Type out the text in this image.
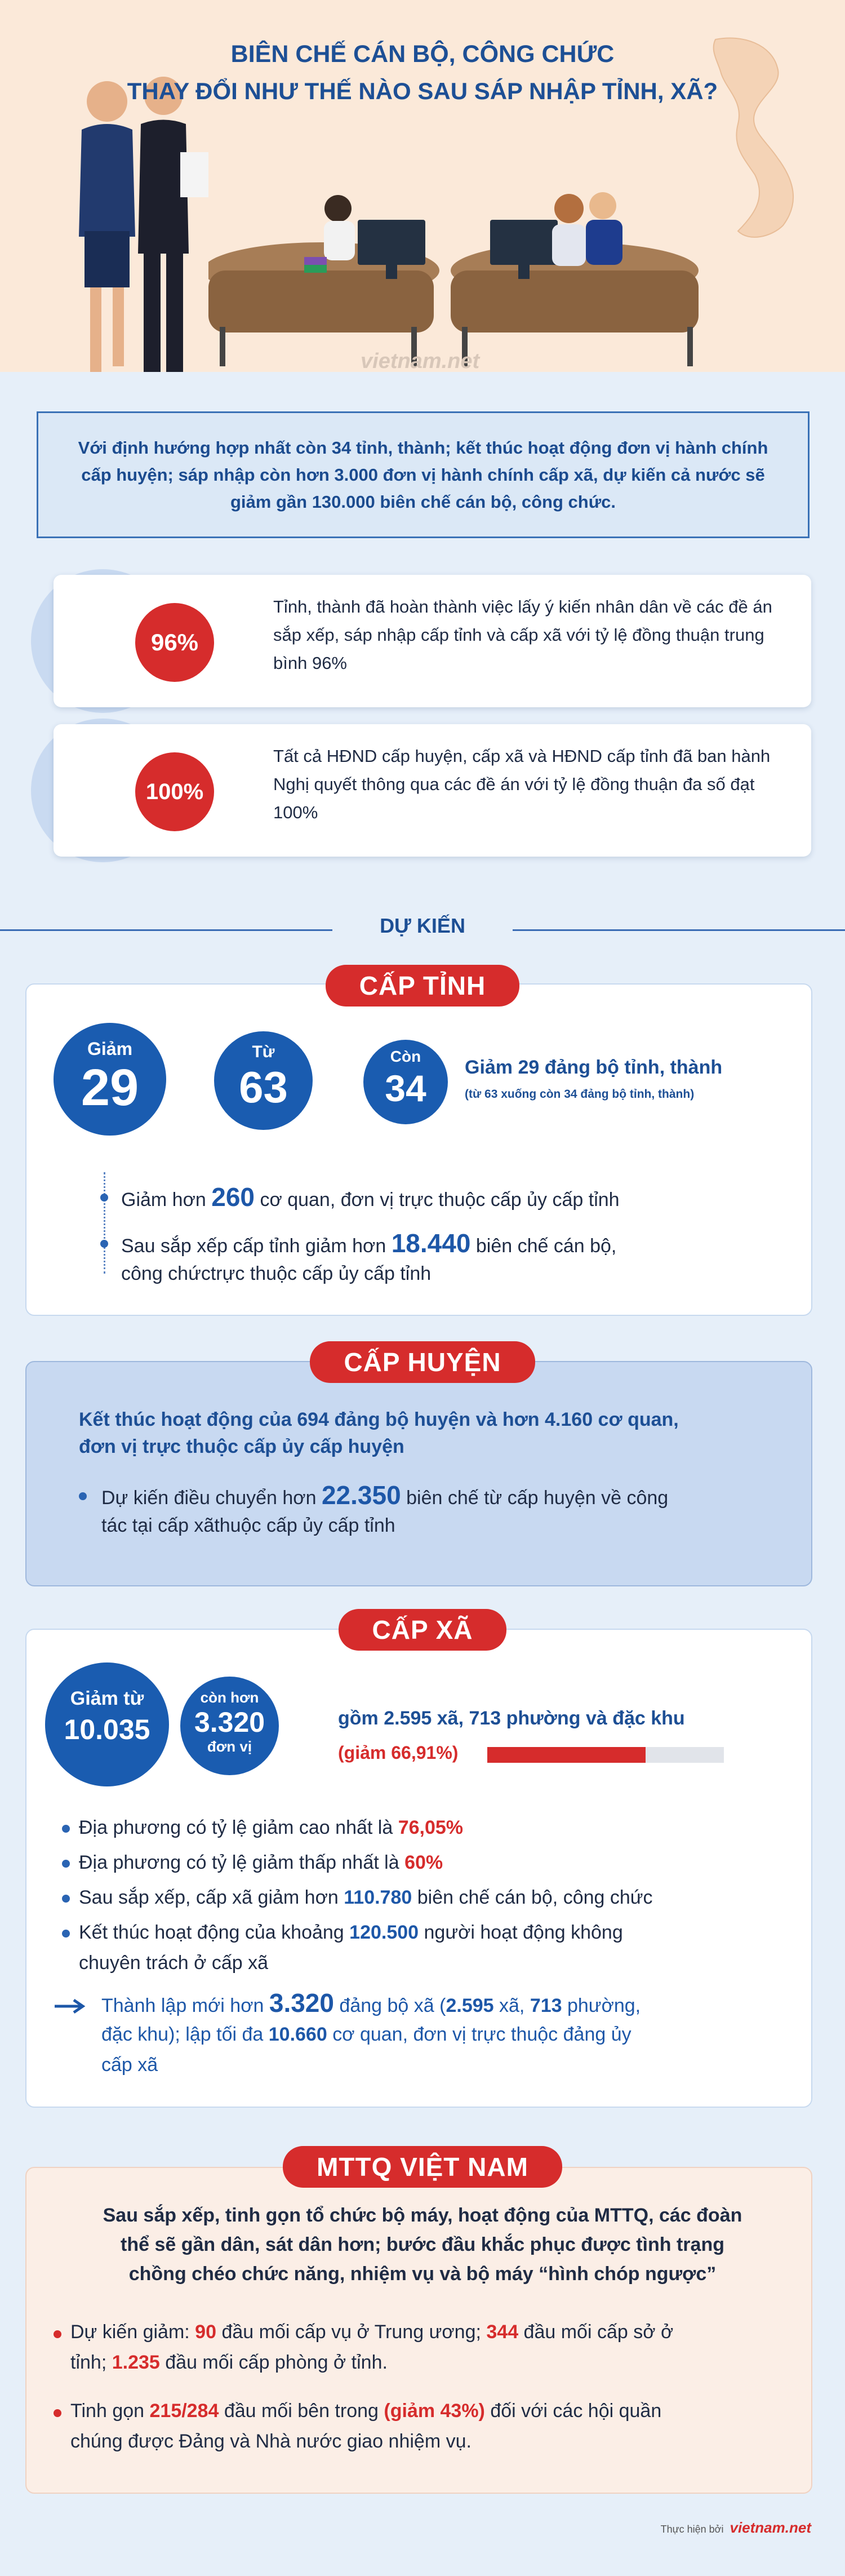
BIÊN CHẾ CÁN BỘ, CÔNG CHỨC
THAY ĐỔI NHƯ THẾ NÀO SAU SÁP NHẬP TỈNH, XÃ?
vietnam.net

Với định hướng hợp nhất còn 34 tỉnh, thành; kết thúc hoạt động đơn vị hành chính cấp huyện; sáp nhập còn hơn 3.000 đơn vị hành chính cấp xã, dự kiến cả nước sẽ giảm gần 130.000 biên chế cán bộ, công chức.

Tỉnh, thành đã hoàn thành việc lấy ý kiến nhân dân về các đề án sắp xếp, sáp nhập cấp tỉnh và cấp xã với tỷ lệ đồng thuận trung bình 96%
96%
Tất cả HĐND cấp huyện, cấp xã và HĐND cấp tỉnh đã ban hành Nghị quyết thông qua các đề án với tỷ lệ đồng thuận đa số đạt 100%
100%
DỰ KIẾN
CẤP TỈNH
Giảm
29
Từ
63
Còn
34	Giảm 29 đảng bộ tỉnh, thành
(từ 63 xuống còn 34 đảng bộ tỉnh, thành)
Giảm hơn 260 cơ quan, đơn vị trực thuộc cấp ủy cấp tỉnh
Sau sắp xếp cấp tỉnh giảm hơn 18.440 biên chế cán bộ,
công chứctrực thuộc cấp ủy cấp tỉnh
CẤP HUYỆN
Kết thúc hoạt động của 694 đảng bộ huyện và hơn 4.160 cơ quan,
đơn vị trực thuộc cấp ủy cấp huyện
Dự kiến điều chuyển hơn 22.350 biên chế từ cấp huyện về công
tác tại cấp xãthuộc cấp ủy cấp tỉnh
CẤP XÃ
Giảm từ
10.035
còn hơn
3.320
đơn vị
gồm 2.595 xã, 713 phường và đặc khu
(giảm 66,91%)
Địa phương có tỷ lệ giảm cao nhất là 76,05%
Địa phương có tỷ lệ giảm thấp nhất là 60%
Sau sắp xếp, cấp xã giảm hơn 110.780 biên chế cán bộ, công chức
Kết thúc hoạt động của khoảng 120.500 người hoạt động không
chuyên trách ở cấp xã
Thành lập mới hơn 3.320 đảng bộ xã (2.595 xã, 713 phường,
đặc khu); lập tối đa 10.660 cơ quan, đơn vị trực thuộc đảng ủy
cấp xã
MTTQ VIỆT NAM
Sau sắp xếp, tinh gọn tổ chức bộ máy, hoạt động của MTTQ, các đoàn
thể sẽ gần dân, sát dân hơn; bước đầu khắc phục được tình trạng
chồng chéo chức năng, nhiệm vụ và bộ máy “hình chóp ngược”
Dự kiến giảm: 90 đầu mối cấp vụ ở Trung ương; 344 đầu mối cấp sở ở
tỉnh; 1.235 đầu mối cấp phòng ở tỉnh.
Tinh gọn 215/284 đầu mối bên trong (giảm 43%) đối với các hội quần
chúng được Đảng và Nhà nước giao nhiệm vụ.
Thực hiện bởi vietnam.net
